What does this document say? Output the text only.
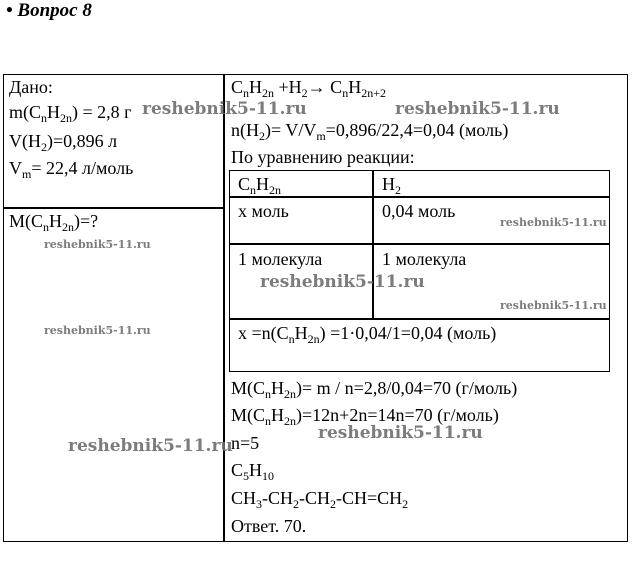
• Вопрос 8
Дано:
$m(C_nH_{2n}) = 2,8$ г
$V(H_2)=0,896$ л
$V_m= 22,4$ л/моль
$M(C_nH_{2n})=$?
$C_nH_{2n} +H_2\to C_nH_{2n+2}$
$n(H_2)= V/V_m=0,896/22,4=0,04$ (моль)
По уравнению реакции:
$C_nH_{2n}$	$H_2$
x моль	0,04 моль
1 молекула	1 молекула
$x =n(C_nH_{2n}) =1\cdot 0,04/1=0,04$ (моль)
$M(C_nH_{2n})= m / n=2,8/0,04=70$ (г/моль)
$M(C_nH_{2n})=12n+2n=14n=70$ (г/моль)
n=5
$C_5H_{10}$
$CH_3-CH_2-CH_2-CH=CH_2$
Ответ. 70.
reshebnik5-11.ru	reshebnik5-11.ru
reshebnik5-11.ru
reshebnik5-11.ru
reshebnik5-11.ru
reshebnik5-11.ru
reshebnik5-11.ru
reshebnik5-11.ru
reshebnik5-11.ru
